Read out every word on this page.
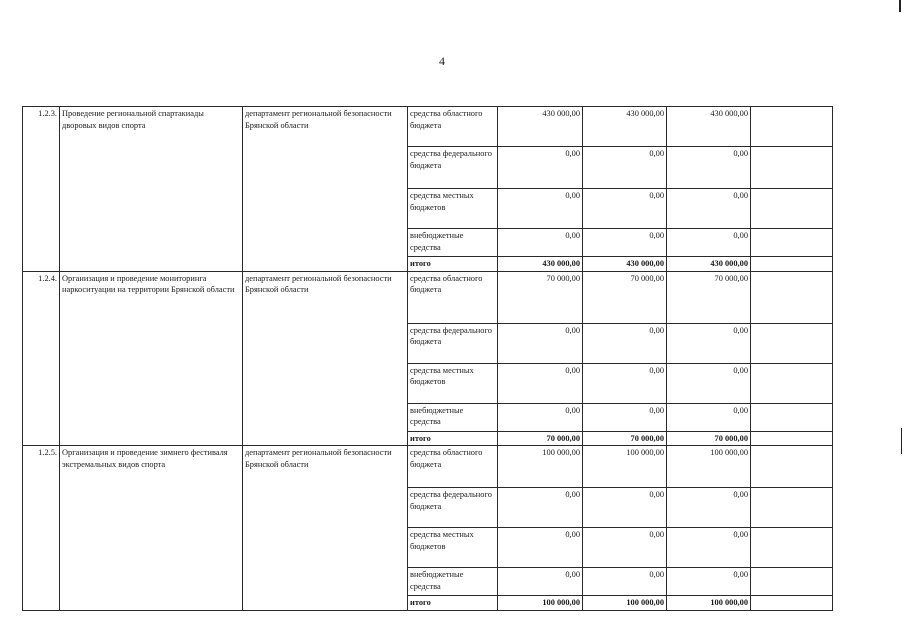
4
1.2.3.	Проведение региональной спартакиады дворовых видов спорта	департамент региональной безопасности Брянской области	средства областного бюджета	430 000,00	430 000,00	430 000,00	
			средства федерального бюджета	0,00	0,00	0,00	
			средства местных бюджетов	0,00	0,00	0,00	
			внебюджетные средства	0,00	0,00	0,00	
			итого	430 000,00	430 000,00	430 000,00	
1.2.4.	Организация и проведение мониторинга наркоситуации на территории Брянской области	департамент региональной безопасности Брянской области	средства областного бюджета	70 000,00	70 000,00	70 000,00	
			средства федерального бюджета	0,00	0,00	0,00	
			средства местных бюджетов	0,00	0,00	0,00	
			внебюджетные средства	0,00	0,00	0,00	
			итого	70 000,00	70 000,00	70 000,00	
1.2.5.	Организация и проведение зимнего фестиваля экстремальных видов спорта	департамент региональной безопасности Брянской области	средства областного бюджета	100 000,00	100 000,00	100 000,00	
			средства федерального бюджета	0,00	0,00	0,00	
			средства местных бюджетов	0,00	0,00	0,00	
			внебюджетные средства	0,00	0,00	0,00	
			итого	100 000,00	100 000,00	100 000,00	
